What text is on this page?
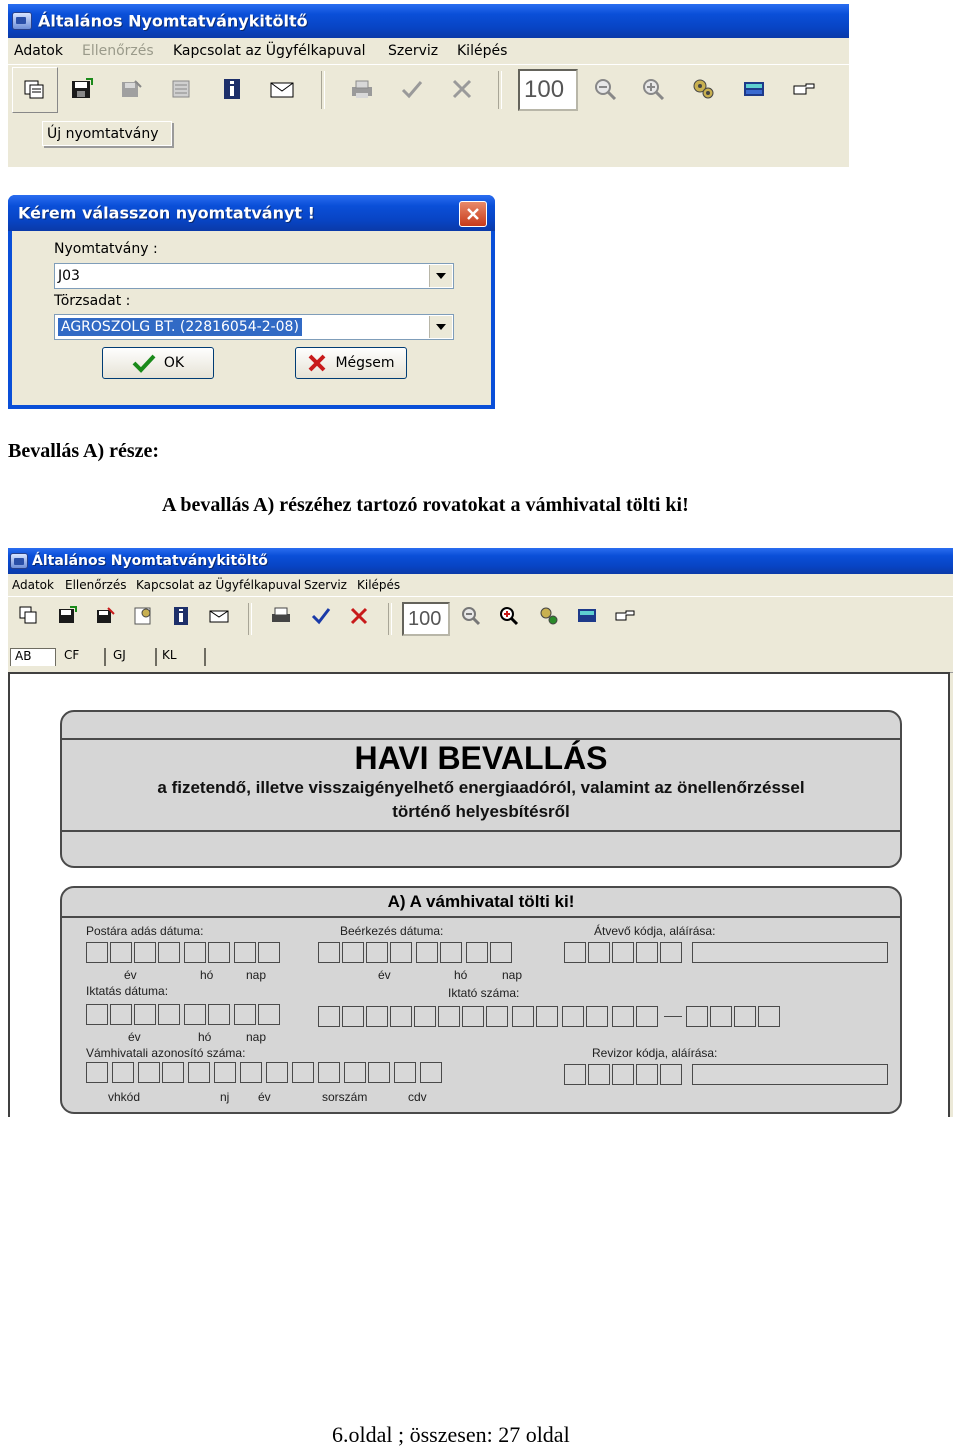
Általános Nyomtatványkitöltő
Adatok Ellenőrzés Kapcsolat az Ügyfélkapuval Szerviz Kilépés
100
Új nyomtatvány
Kérem válasszon nyomtatványt !
Nyomtatvány :
J03
Törzsadat :
AGROSZOLG BT. (22816054-2-08)
OK	Mégsem
Bevallás A) része:
A bevallás A) részéhez tartozó rovatokat a vámhivatal tölti ki!
Általános Nyomtatványkitöltő
Adatok Ellenőrzés Kapcsolat az Ügyfélkapuval Szerviz Kilépés
100
AB	CF	GJ	KL
HAVI BEVALLÁS
a fizetendő, illetve visszaigényelhető energiaadóról, valamint az önellenőrzéssel
történő helyesbítésről
A) A vámhivatal tölti ki!
Postára adás dátuma:
év	hó	nap
Beérkezés dátuma:
év	hó	nap
Átvevő kódja, aláírása:
Iktatás dátuma:
év	hó	nap
Iktató száma:
Vámhivatali azonosító száma:
vhkód	nj év	sorszám	cdv
Revizor kódja, aláírása:
6.oldal ; összesen: 27 oldal
